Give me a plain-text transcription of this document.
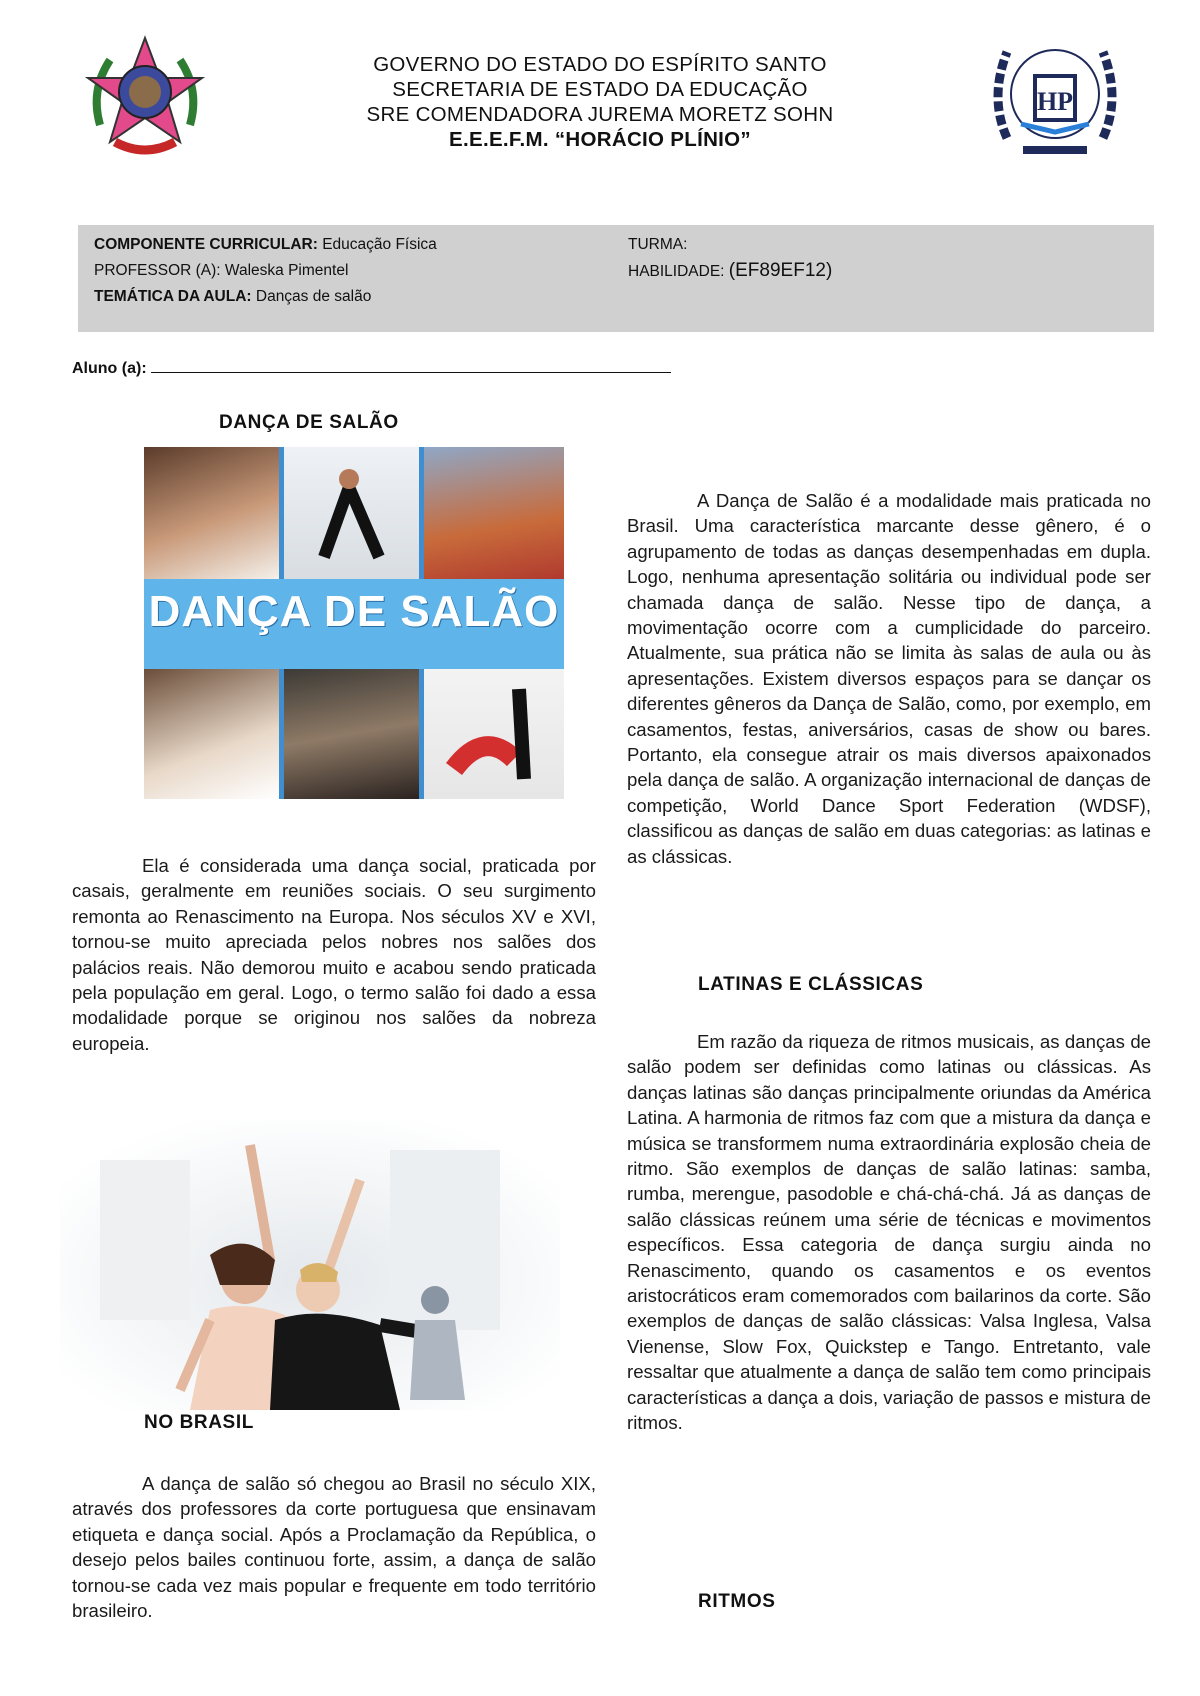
GOVERNO DO ESTADO DO ESPÍRITO SANTO
SECRETARIA DE ESTADO DA EDUCAÇÃO
SRE COMENDADORA JUREMA MORETZ SOHN
E.E.E.F.M. “HORÁCIO PLÍNIO”
HP
COMPONENTE CURRICULAR: Educação Física
PROFESSOR (A): Waleska Pimentel
TEMÁTICA DA AULA: Danças de salão
TURMA:
HABILIDADE: (EF89EF12)
Aluno (a):
DANÇA DE SALÃO
DANÇA DE SALÃO
Ela é considerada uma dança social, praticada por casais, geralmente em reuniões sociais. O seu surgimento remonta ao Renascimento na Europa. Nos séculos XV e XVI, tornou-se muito apreciada pelos nobres nos salões dos palácios reais. Não demorou muito e acabou sendo praticada pela população em geral. Logo, o termo salão foi dado a essa modalidade porque se originou nos salões da nobreza europeia.
NO BRASIL
A dança de salão só chegou ao Brasil no século XIX, através dos professores da corte portuguesa que ensinavam etiqueta e dança social. Após a Proclamação da República, o desejo pelos bailes continuou forte, assim, a dança de salão tornou-se cada vez mais popular e frequente em todo território brasileiro.
A Dança de Salão é a modalidade mais praticada no Brasil. Uma característica marcante desse gênero, é o agrupamento de todas as danças desempenhadas em dupla. Logo, nenhuma apresentação solitária ou individual pode ser chamada dança de salão. Nesse tipo de dança, a movimentação ocorre com a cumplicidade do parceiro. Atualmente, sua prática não se limita às salas de aula ou às apresentações. Existem diversos espaços para se dançar os diferentes gêneros da Dança de Salão, como, por exemplo, em casamentos, festas, aniversários, casas de show ou bares. Portanto, ela consegue atrair os mais diversos apaixonados pela dança de salão. A organização internacional de danças de competição, World Dance Sport Federation (WDSF), classificou as danças de salão em duas categorias: as latinas e as clássicas.
LATINAS E CLÁSSICAS
Em razão da riqueza de ritmos musicais, as danças de salão podem ser definidas como latinas ou clássicas. As danças latinas são danças principalmente oriundas da América Latina. A harmonia de ritmos faz com que a mistura da dança e música se transformem numa extraordinária explosão cheia de ritmo. São exemplos de danças de salão latinas: samba, rumba, merengue, pasodoble e chá-chá-chá. Já as danças de salão clássicas reúnem uma série de técnicas e movimentos específicos. Essa categoria de dança surgiu ainda no Renascimento, quando os casamentos e os eventos aristocráticos eram comemorados com bailarinos da corte. São exemplos de danças de salão clássicas: Valsa Inglesa, Valsa Vienense, Slow Fox, Quickstep e Tango. Entretanto, vale ressaltar que atualmente a dança de salão tem como principais características a dança a dois, variação de passos e mistura de ritmos.
RITMOS
